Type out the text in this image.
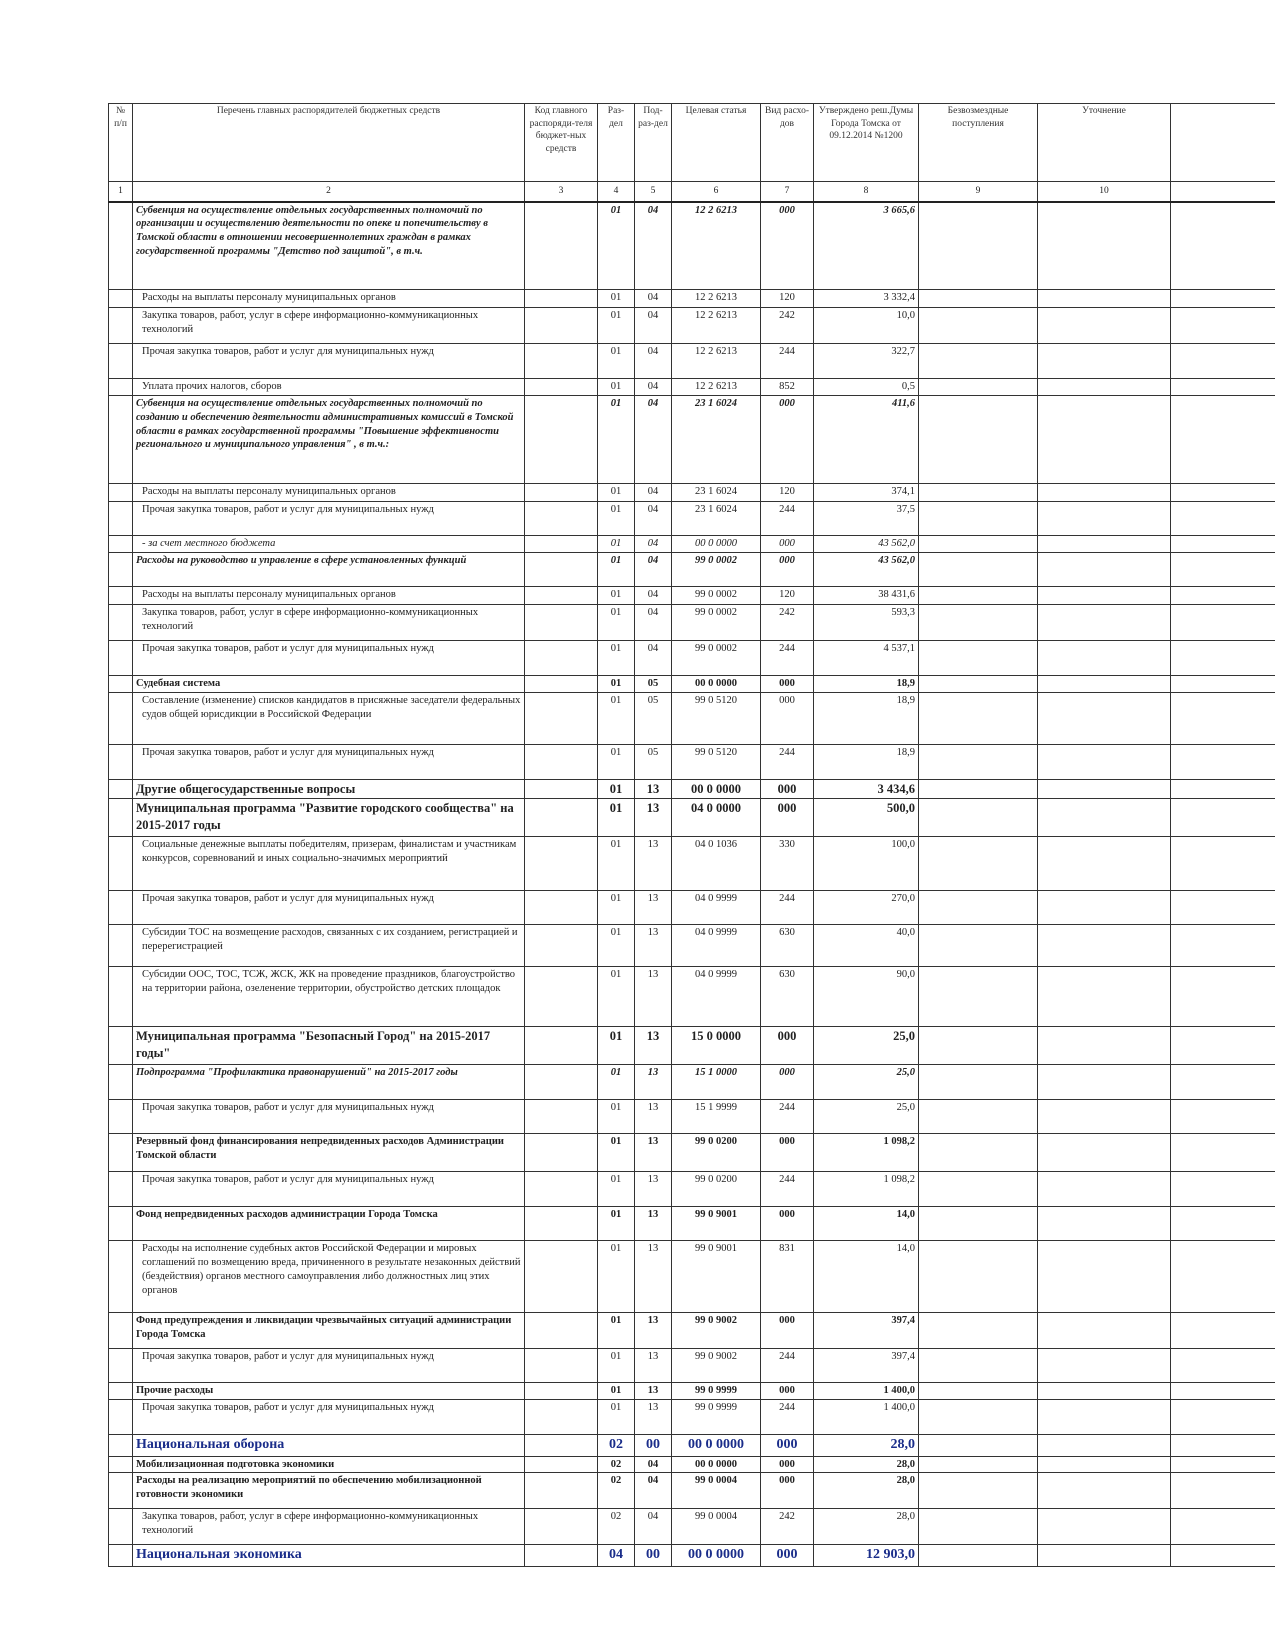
№ п/п	Перечень главных распорядителей бюджетных средств	Код главного распоряди-теля бюджет-ных средств	Раз-дел	Под-раз-дел	Целевая статья	Вид расхо-дов	Утверждено реш.Думы Города Томска от 09.12.2014 №1200	Безвозмездные поступления	Уточнение	
1	2	3	4	5	6	7	8	9	10	
	Субвенция на осуществление отдельных государственных полномочий по организации и осуществлению деятельности по опеке и попечительству в Томской области в отношении несовершеннолетних граждан в рамках государственной программы "Детство под защитой", в т.ч.		01	04	12 2 6213	000	3 665,6			
	Расходы на выплаты персоналу муниципальных органов		01	04	12 2 6213	120	3 332,4			
	Закупка товаров, работ, услуг в сфере информационно-коммуникационных технологий		01	04	12 2 6213	242	10,0			
	Прочая закупка товаров, работ и услуг для муниципальных нужд		01	04	12 2 6213	244	322,7			
	Уплата прочих налогов, сборов		01	04	12 2 6213	852	0,5			
	Субвенция на осуществление отдельных государственных полномочий по созданию и обеспечению деятельности административных комиссий в Томской области в рамках государственной программы "Повышение эффективности регионального и муниципального управления" , в т.ч.:		01	04	23 1 6024	000	411,6			
	Расходы на выплаты персоналу муниципальных органов		01	04	23 1 6024	120	374,1			
	Прочая закупка товаров, работ и услуг для муниципальных нужд		01	04	23 1 6024	244	37,5			
	- за счет местного бюджета		01	04	00 0 0000	000	43 562,0			
	Расходы на руководство и управление в сфере установленных функций		01	04	99 0 0002	000	43 562,0			
	Расходы на выплаты персоналу муниципальных органов		01	04	99 0 0002	120	38 431,6			
	Закупка товаров, работ, услуг в сфере информационно-коммуникационных технологий		01	04	99 0 0002	242	593,3			
	Прочая закупка товаров, работ и услуг для муниципальных нужд		01	04	99 0 0002	244	4 537,1			
	Судебная система		01	05	00 0 0000	000	18,9			
	Составление (изменение) списков кандидатов в присяжные заседатели федеральных судов общей юрисдикции в Российской Федерации		01	05	99 0 5120	000	18,9			
	Прочая закупка товаров, работ и услуг для муниципальных нужд		01	05	99 0 5120	244	18,9			
	Другие общегосударственные вопросы		01	13	00 0 0000	000	3 434,6			
	Муниципальная программа "Развитие городского сообщества" на 2015-2017 годы		01	13	04 0 0000	000	500,0			
	Социальные денежные выплаты победителям, призерам, финалистам и участникам конкурсов, соревнований и иных социально-значимых мероприятий		01	13	04 0 1036	330	100,0			
	Прочая закупка товаров, работ и услуг для муниципальных нужд		01	13	04 0 9999	244	270,0			
	Субсидии ТОС на возмещение расходов, связанных с их созданием, регистрацией и перерегистрацией		01	13	04 0 9999	630	40,0			
	Субсидии ООС, ТОС, ТСЖ, ЖСК, ЖК на проведение праздников, благоустройство на территории района, озеленение территории, обустройство детских площадок		01	13	04 0 9999	630	90,0			
	Муниципальная программа "Безопасный Город" на 2015-2017 годы"		01	13	15 0 0000	000	25,0			
	Подпрограмма "Профилактика правонарушений" на 2015-2017 годы		01	13	15 1 0000	000	25,0			
	Прочая закупка товаров, работ и услуг для муниципальных нужд		01	13	15 1 9999	244	25,0			
	Резервный фонд финансирования непредвиденных расходов Администрации Томской области		01	13	99 0 0200	000	1 098,2			
	Прочая закупка товаров, работ и услуг для муниципальных нужд		01	13	99 0 0200	244	1 098,2			
	Фонд непредвиденных расходов администрации Города Томска		01	13	99 0 9001	000	14,0			
	Расходы на исполнение судебных актов Российской Федерации и мировых соглашений по возмещению вреда, причиненного в результате незаконных действий (бездействия) органов местного самоуправления либо должностных лиц этих органов		01	13	99 0 9001	831	14,0			
	Фонд предупреждения и ликвидации чрезвычайных ситуаций администрации Города Томска		01	13	99 0 9002	000	397,4			
	Прочая закупка товаров, работ и услуг для муниципальных нужд		01	13	99 0 9002	244	397,4			
	Прочие расходы		01	13	99 0 9999	000	1 400,0			
	Прочая закупка товаров, работ и услуг для муниципальных нужд		01	13	99 0 9999	244	1 400,0			
	Национальная оборона		02	00	00 0 0000	000	28,0			
	Мобилизационная подготовка экономики		02	04	00 0 0000	000	28,0			
	Расходы на реализацию мероприятий по обеспечению мобилизационной готовности экономики		02	04	99 0 0004	000	28,0			
	Закупка товаров, работ, услуг в сфере информационно-коммуникационных технологий		02	04	99 0 0004	242	28,0			
	Национальная экономика		04	00	00 0 0000	000	12 903,0			
